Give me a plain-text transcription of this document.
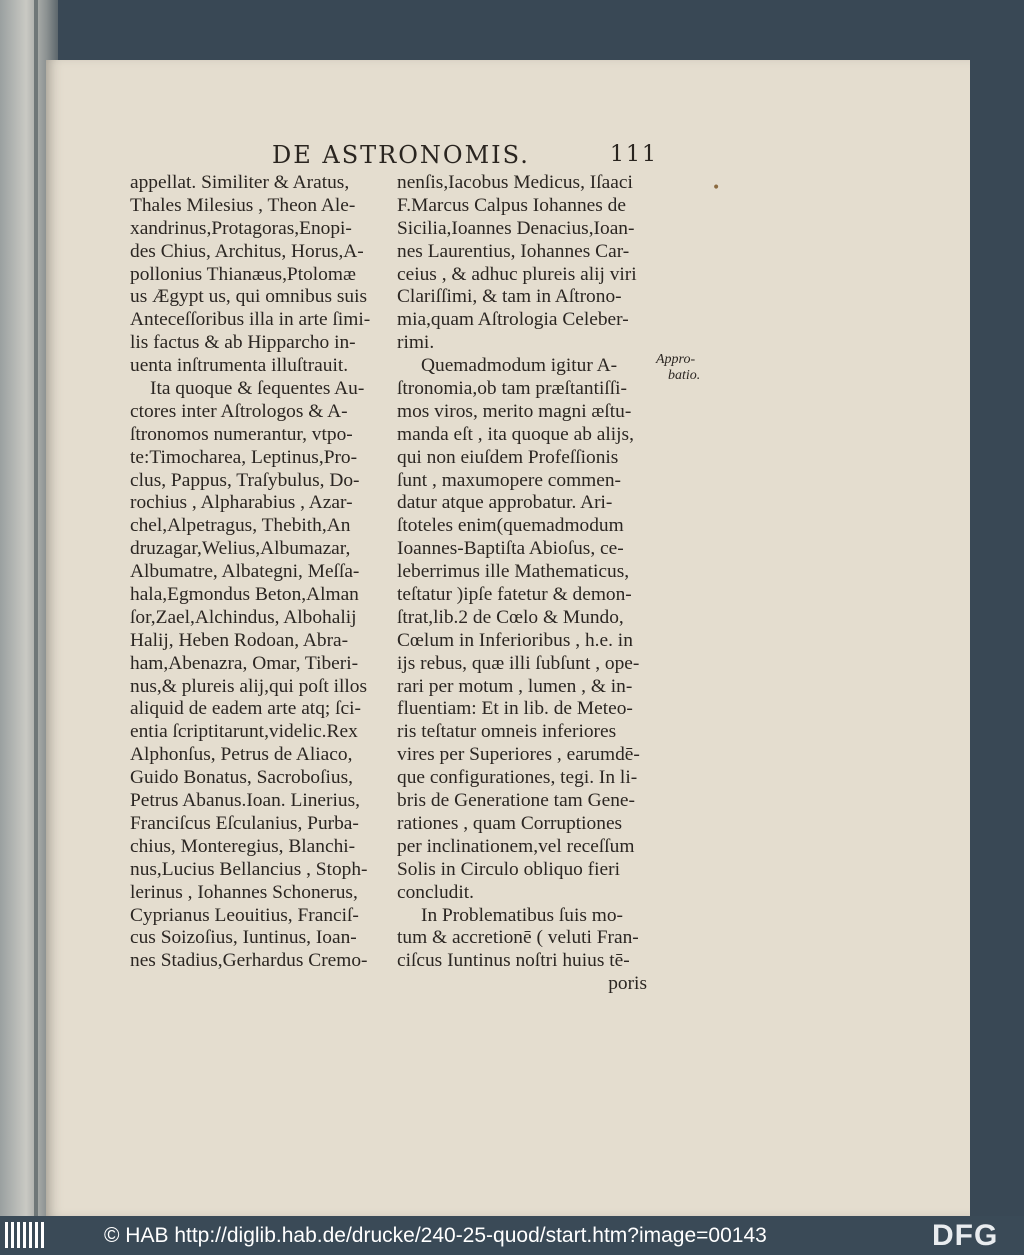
DE ASTRONOMIS.	111
appellat. Similiter & Aratus,
Thales Milesius , Theon Ale-
xandrinus,Protagoras,Enopi-
des Chius, Architus, Horus,A-
pollonius Thianæus,Ptolomæ
us Ægypt us, qui omnibus suis
Anteceſſoribus illa in arte ſimi-
lis factus & ab Hipparcho in-
uenta inſtrumenta illuſtrauit.
Ita quoque & ſequentes Au-
ctores inter Aſtrologos & A-
ſtronomos numerantur, vtpo-
te:Timocharea, Leptinus,Pro-
clus, Pappus, Traſybulus, Do-
rochius , Alpharabius , Azar-
chel,Alpetragus, Thebith,An
druzagar,Welius,Albumazar,
Albumatre, Albategni, Meſſa-
hala,Egmondus Beton,Alman
ſor,Zael,Alchindus, Albohalij
Halij, Heben Rodoan, Abra-
ham,Abenazra, Omar, Tiberi-
nus,& plureis alij,qui poſt illos
aliquid de eadem arte atq; ſci-
entia ſcriptitarunt,videlic.Rex
Alphonſus, Petrus de Aliaco,
Guido Bonatus, Sacroboſius,
Petrus Abanus.Ioan. Linerius,
Franciſcus Eſculanius, Purba-
chius, Monteregius, Blanchi-
nus,Lucius Bellancius , Stoph-
lerinus , Iohannes Schonerus,
Cyprianus Leouitius, Franciſ-
cus Soizoſius, Iuntinus, Ioan-
nes Stadius,Gerhardus Cremo-
nenſis,Iacobus Medicus, Iſaaci
F.Marcus Calpus Iohannes de
Sicilia,Ioannes Denacius,Ioan-
nes Laurentius, Iohannes Car-
ceius , & adhuc plureis alij viri
Clariſſimi, & tam in Aſtrono-
mia,quam Aſtrologia Celeber-
rimi.
Quemadmodum igitur A-
ſtronomia,ob tam præſtantiſſi-
mos viros, merito magni æſtu-
manda eſt , ita quoque ab alijs,
qui non eiuſdem Profeſſionis
ſunt , maxumopere commen-
datur atque approbatur. Ari-
ſtoteles enim(quemadmodum
Ioannes-Baptiſta Abioſus, ce-
leberrimus ille Mathematicus,
teſtatur )ipſe fatetur & demon-
ſtrat,lib.2 de Cœlo & Mundo,
Cœlum in Inferioribus , h.e. in
ijs rebus, quæ illi ſubſunt , ope-
rari per motum , lumen , & in-
fluentiam: Et in lib. de Meteo-
ris teſtatur omneis inferiores
vires per Superiores , earumdē-
que configurationes, tegi. In li-
bris de Generatione tam Gene-
rationes , quam Corruptiones
per inclinationem,vel receſſum
Solis in Circulo obliquo fieri
concludit.
In Problematibus ſuis mo-
tum & accretionē ( veluti Fran-
ciſcus Iuntinus noſtri huius tē-
poris
Appro-
batio.
•
© HAB http://diglib.hab.de/drucke/240-25-quod/start.htm?image=00143	DFG
